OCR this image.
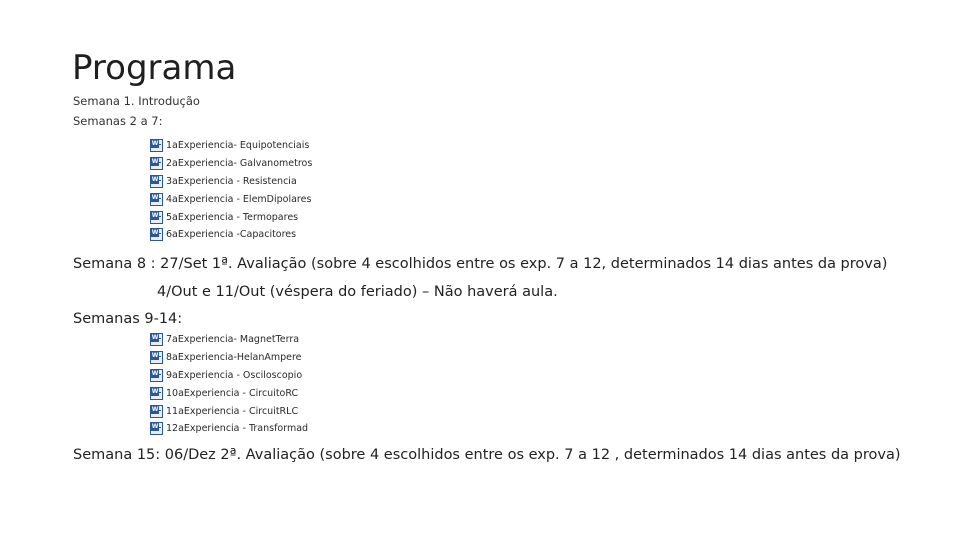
Programa
Semana 1. Introdução
Semanas 2 a 7:
W
1aExperiencia- Equipotenciais
W
2aExperiencia- Galvanometros
W
3aExperiencia - Resistencia
W
4aExperiencia - ElemDipolares
W
5aExperiencia - Termopares
W
6aExperiencia -Capacitores
Semana 8 : 27/Set 1ª. Avaliação (sobre 4 escolhidos entre os exp. 7 a 12, determinados 14 dias antes da prova)
4/Out e 11/Out (véspera do feriado) – Não haverá aula.
Semanas 9-14:
W
7aExperiencia- MagnetTerra
W
8aExperiencia-HelanAmpere
W
9aExperiencia - Osciloscopio
W
10aExperiencia - CircuitoRC
W
11aExperiencia - CircuitRLC
W
12aExperiencia - Transformad
Semana 15: 06/Dez 2ª. Avaliação (sobre 4 escolhidos entre os exp. 7 a 12 , determinados 14 dias antes da prova)
